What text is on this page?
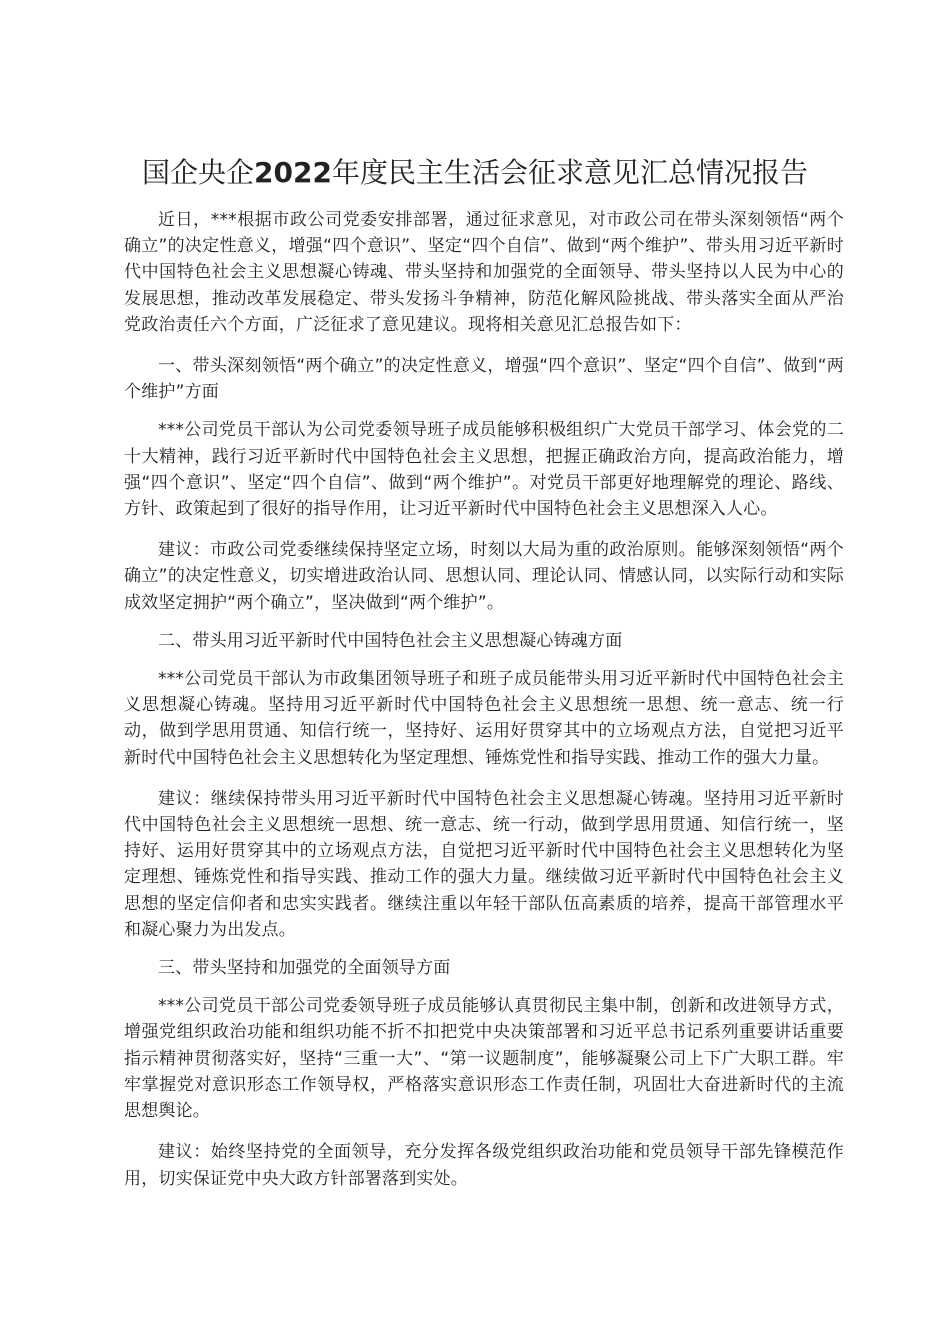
国企央企2022年度民主生活会征求意见汇总情况报告

近日，***根据市政公司党委安排部署，通过征求意见，对市政公司在带头深刻领悟“两个确立”的决定性意义，增强“四个意识”、坚定“四个自信”、做到“两个维护”、带头用习近平新时代中国特色社会主义思想凝心铸魂、带头坚持和加强党的全面领导、带头坚持以人民为中心的发展思想，推动改革发展稳定、带头发扬斗争精神，防范化解风险挑战、带头落实全面从严治党政治责任六个方面，广泛征求了意见建议。现将相关意见汇总报告如下：

一、带头深刻领悟“两个确立”的决定性意义，增强“四个意识”、坚定“四个自信”、做到“两个维护”方面

***公司党员干部认为公司党委领导班子成员能够积极组织广大党员干部学习、体会党的二十大精神，践行习近平新时代中国特色社会主义思想，把握正确政治方向，提高政治能力，增强“四个意识”、坚定“四个自信”、做到“两个维护”。对党员干部更好地理解党的理论、路线、方针、政策起到了很好的指导作用，让习近平新时代中国特色社会主义思想深入人心。

建议：市政公司党委继续保持坚定立场，时刻以大局为重的政治原则。能够深刻领悟“两个确立”的决定性意义，切实增进政治认同、思想认同、理论认同、情感认同，以实际行动和实际成效坚定拥护“两个确立”，坚决做到“两个维护”。

二、带头用习近平新时代中国特色社会主义思想凝心铸魂方面

***公司党员干部认为市政集团领导班子和班子成员能带头用习近平新时代中国特色社会主义思想凝心铸魂。坚持用习近平新时代中国特色社会主义思想统一思想、统一意志、统一行动，做到学思用贯通、知信行统一，坚持好、运用好贯穿其中的立场观点方法，自觉把习近平新时代中国特色社会主义思想转化为坚定理想、锤炼党性和指导实践、推动工作的强大力量。

建议：继续保持带头用习近平新时代中国特色社会主义思想凝心铸魂。坚持用习近平新时代中国特色社会主义思想统一思想、统一意志、统一行动，做到学思用贯通、知信行统一，坚持好、运用好贯穿其中的立场观点方法，自觉把习近平新时代中国特色社会主义思想转化为坚定理想、锤炼党性和指导实践、推动工作的强大力量。继续做习近平新时代中国特色社会主义思想的坚定信仰者和忠实实践者。继续注重以年轻干部队伍高素质的培养，提高干部管理水平和凝心聚力为出发点。

三、带头坚持和加强党的全面领导方面

***公司党员干部公司党委领导班子成员能够认真贯彻民主集中制，创新和改进领导方式，增强党组织政治功能和组织功能不折不扣把党中央决策部署和习近平总书记系列重要讲话重要指示精神贯彻落实好，坚持“三重一大”、“第一议题制度”，能够凝聚公司上下广大职工群。牢牢掌握党对意识形态工作领导权，严格落实意识形态工作责任制，巩固壮大奋进新时代的主流思想舆论。

建议：始终坚持党的全面领导，充分发挥各级党组织政治功能和党员领导干部先锋模范作用，切实保证党中央大政方针部署落到实处。
